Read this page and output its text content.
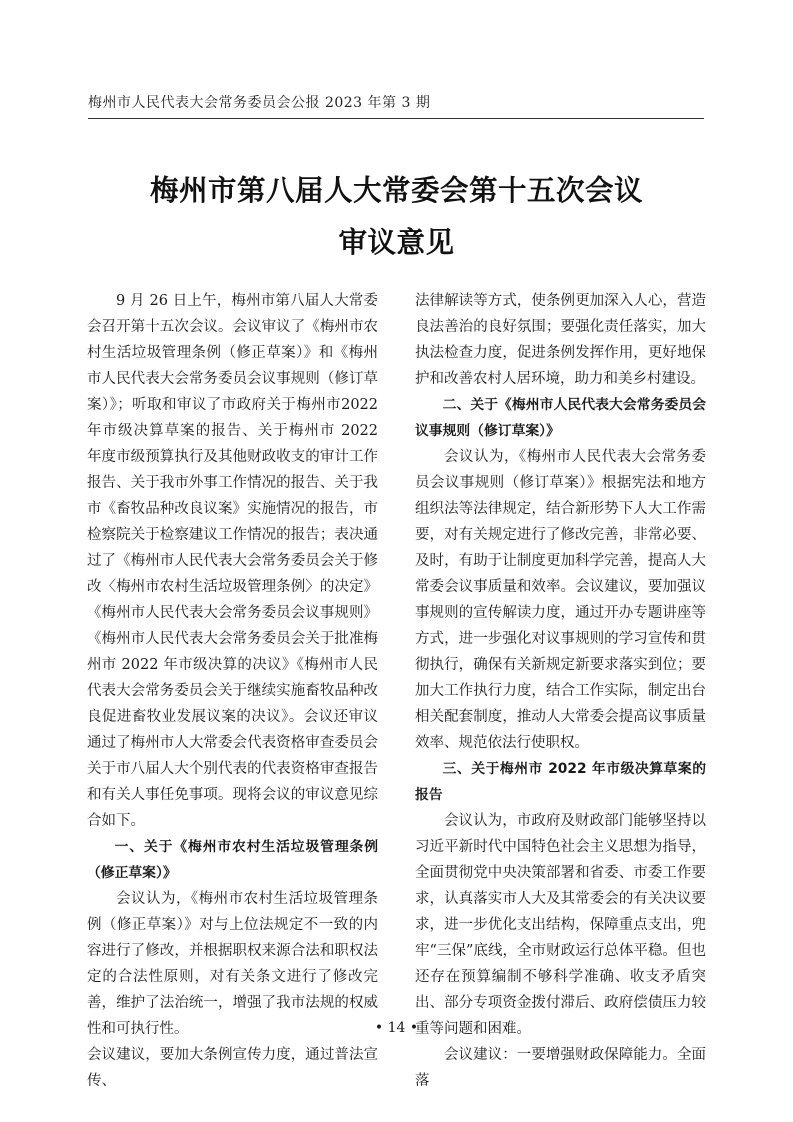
梅州市人民代表大会常务委员会公报 2023 年第 3 期
梅州市第八届人大常委会第十五次会议
审议意见

9 月 26 日上午，梅州市第八届人大常委会召开第十五次会议。会议审议了《梅州市农村生活垃圾管理条例（修正草案）》和《梅州市人民代表大会常务委员会议事规则（修订草案）》；听取和审议了市政府关于梅州市2022年市级决算草案的报告、关于梅州市 2022 年度市级预算执行及其他财政收支的审计工作报告、关于我市外事工作情况的报告、关于我市《畜牧品种改良议案》实施情况的报告，市检察院关于检察建议工作情况的报告；表决通过了《梅州市人民代表大会常务委员会关于修改〈梅州市农村生活垃圾管理条例〉的决定》《梅州市人民代表大会常务委员会议事规则》《梅州市人民代表大会常务委员会关于批准梅州市 2022 年市级决算的决议》《梅州市人民代表大会常务委员会关于继续实施畜牧品种改良促进畜牧业发展议案的决议》。会议还审议通过了梅州市人大常委会代表资格审查委员会关于市八届人大个别代表的代表资格审查报告和有关人事任免事项。现将会议的审议意见综合如下。

一、关于《梅州市农村生活垃圾管理条例（修正草案）》

会议认为，《梅州市农村生活垃圾管理条例（修正草案）》对与上位法规定不一致的内容进行了修改，并根据职权来源合法和职权法定的合法性原则，对有关条文进行了修改完善，维护了法治统一，增强了我市法规的权威性和可执行性。

会议建议，要加大条例宣传力度，通过普法宣传、

法律解读等方式，使条例更加深入人心，营造良法善治的良好氛围；要强化责任落实，加大执法检查力度，促进条例发挥作用，更好地保护和改善农村人居环境，助力和美乡村建设。

二、关于《梅州市人民代表大会常务委员会议事规则（修订草案）》

会议认为，《梅州市人民代表大会常务委员会议事规则（修订草案）》根据宪法和地方组织法等法律规定，结合新形势下人大工作需要，对有关规定进行了修改完善，非常必要、及时，有助于让制度更加科学完善，提高人大常委会议事质量和效率。会议建议，要加强议事规则的宣传解读力度，通过开办专题讲座等方式，进一步强化对议事规则的学习宣传和贯彻执行，确保有关新规定新要求落实到位；要加大工作执行力度，结合工作实际，制定出台相关配套制度，推动人大常委会提高议事质量效率、规范依法行使职权。

三、关于梅州市 2022 年市级决算草案的报告

会议认为，市政府及财政部门能够坚持以习近平新时代中国特色社会主义思想为指导，全面贯彻党中央决策部署和省委、市委工作要求，认真落实市人大及其常委会的有关决议要求，进一步优化支出结构，保障重点支出，兜牢“三保”底线，全市财政运行总体平稳。但也还存在预算编制不够科学准确、收支矛盾突出、部分专项资金拨付滞后、政府偿债压力较重等问题和困难。

会议建议：一要增强财政保障能力。全面落

• 14 •
